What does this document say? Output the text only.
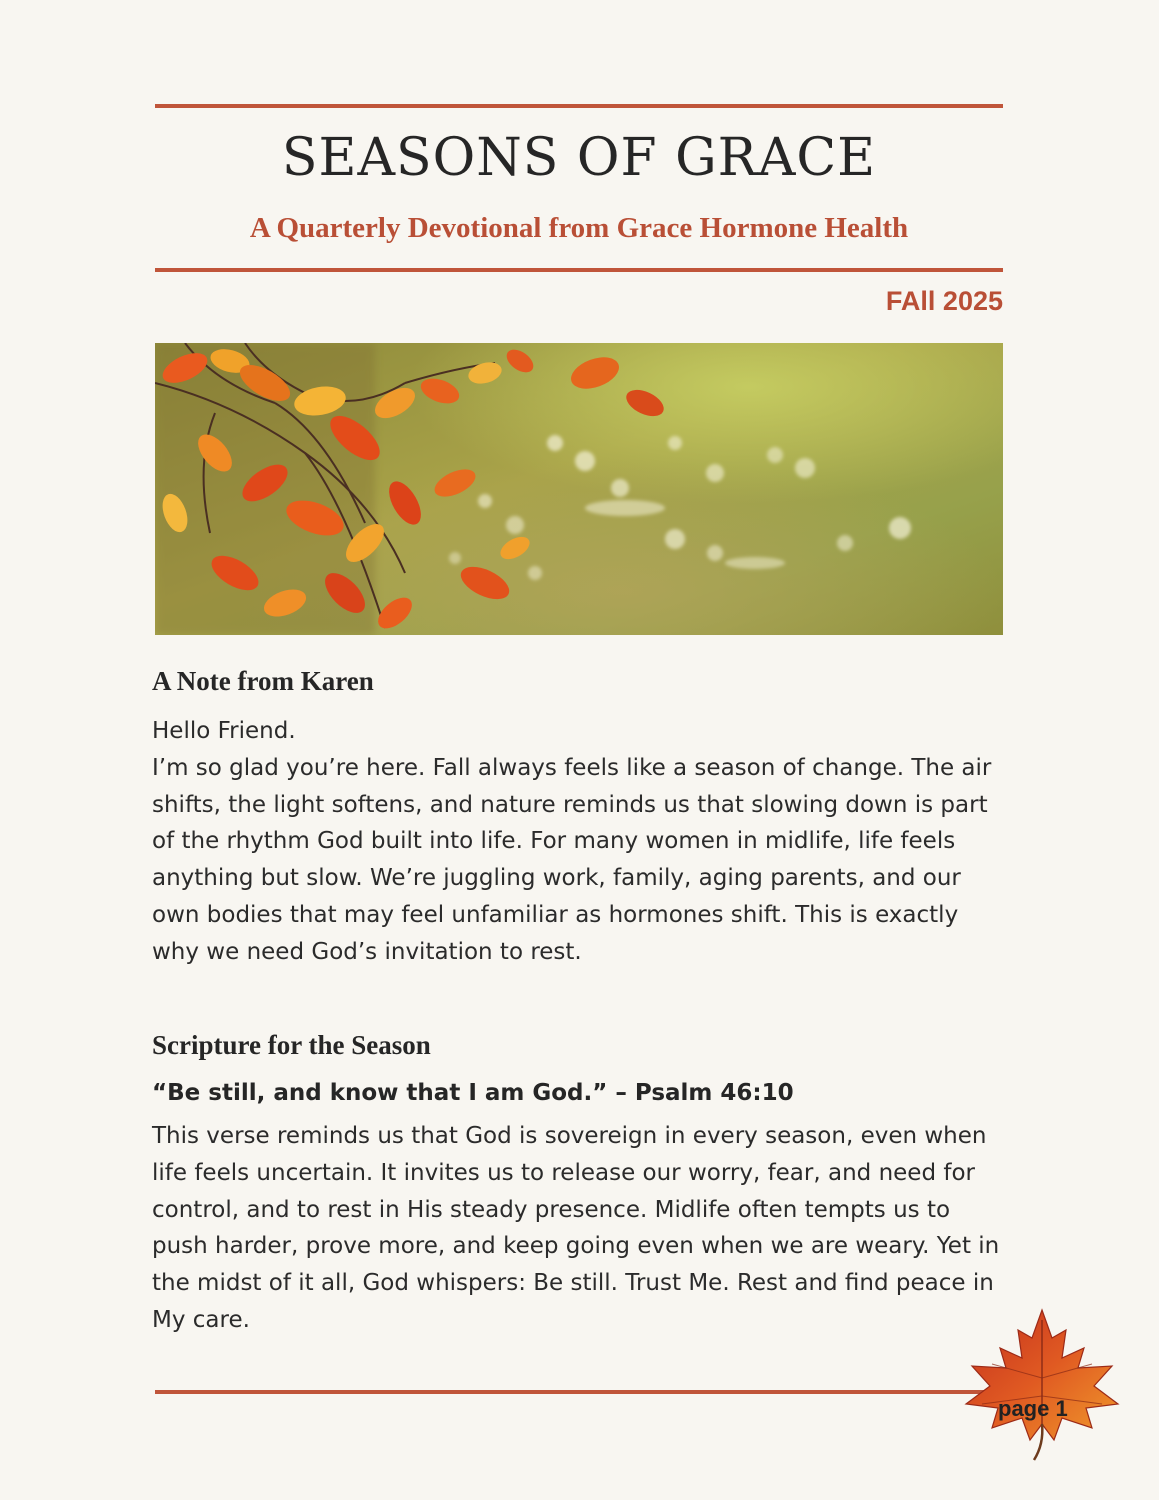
SEASONS OF GRACE
A Quarterly Devotional from Grace Hormone Health
FAll 2025
A Note from Karen

Hello Friend.

I’m so glad you’re here. Fall always feels like a season of change. The air shifts, the light softens, and nature reminds us that slowing down is part of the rhythm God built into life. For many women in midlife, life feels anything but slow. We’re juggling work, family, aging parents, and our own bodies that may feel unfamiliar as hormones shift. This is exactly why we need God’s invitation to rest.

Scripture for the Season
“Be still, and know that I am God.” – Psalm 46:10
This verse reminds us that God is sovereign in every season, even when life feels uncertain. It invites us to release our worry, fear, and need for control, and to rest in His steady presence. Midlife often tempts us to push harder, prove more, and keep going even when we are weary. Yet in the midst of it all, God whispers: Be still. Trust Me. Rest and find peace in My care.
page 1
